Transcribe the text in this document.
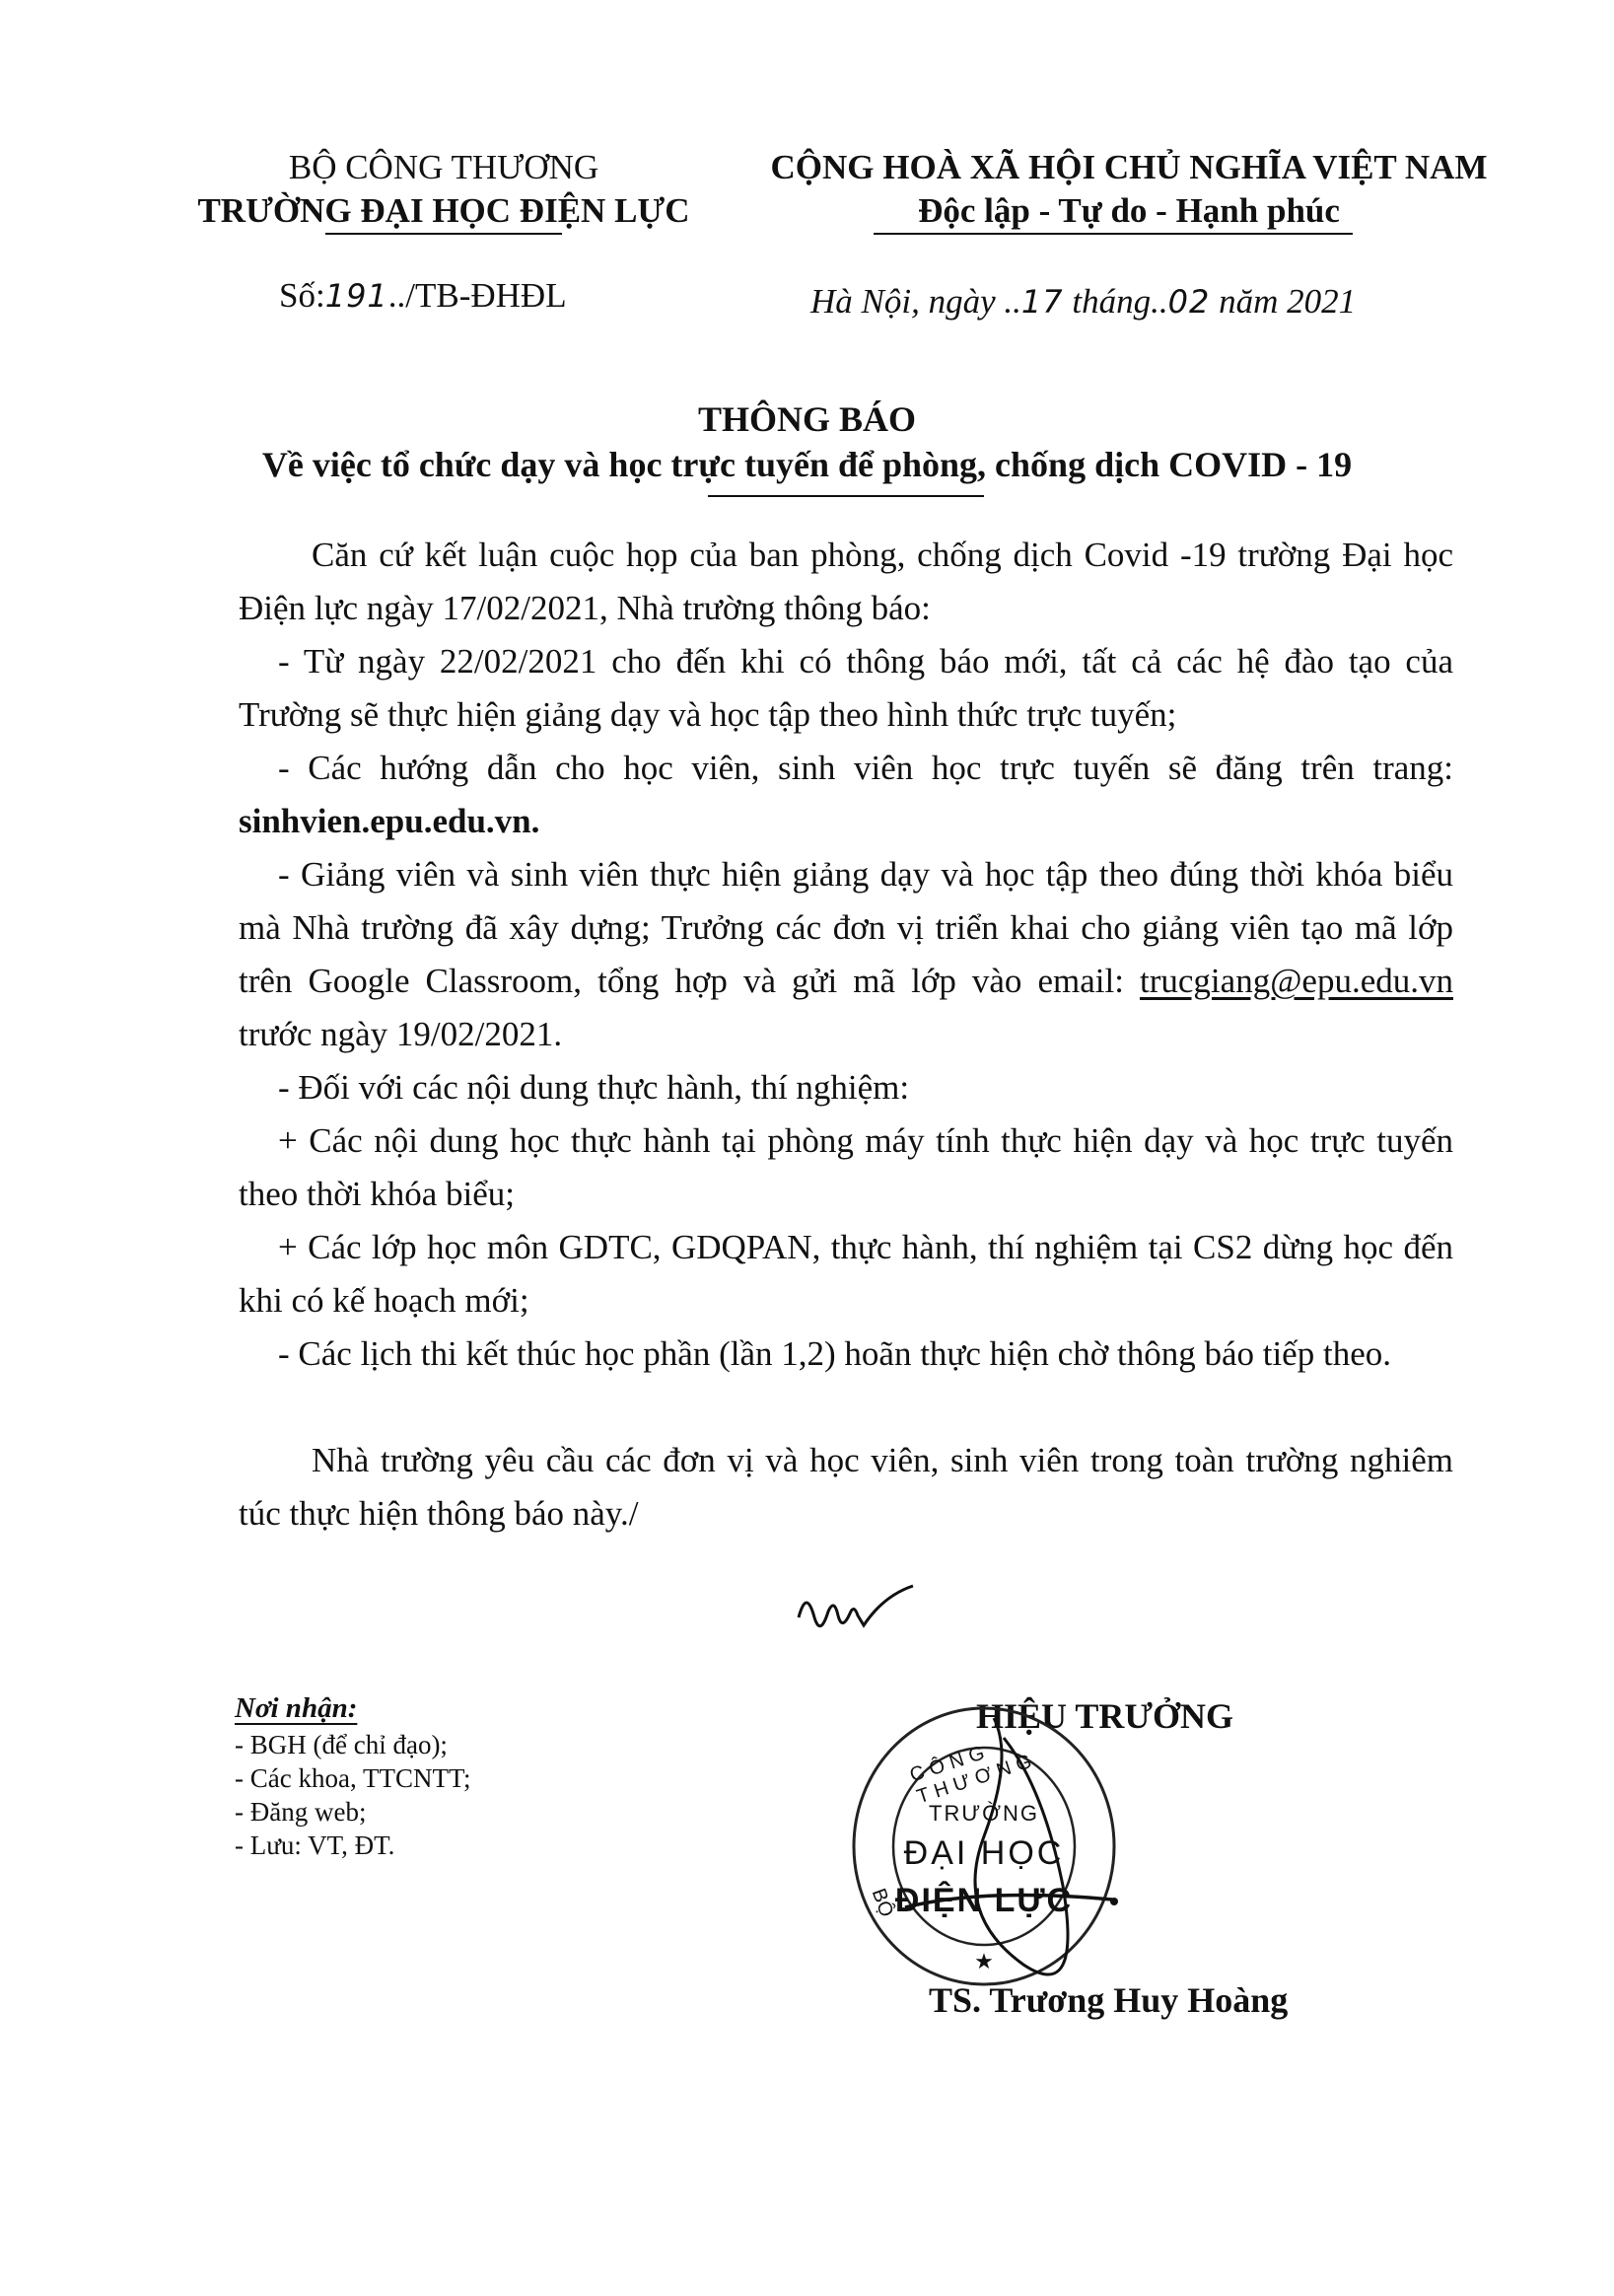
BỘ CÔNG THƯƠNG
TRƯỜNG ĐẠI HỌC ĐIỆN LỰC
Số:191../TB-ĐHĐL
CỘNG HOÀ XÃ HỘI CHỦ NGHĨA VIỆT NAM
Độc lập - Tự do - Hạnh phúc
Hà Nội, ngày ..17 tháng..02 năm 2021
THÔNG BÁO
Về việc tổ chức dạy và học trực tuyến để phòng, chống dịch COVID - 19

Căn cứ kết luận cuộc họp của ban phòng, chống dịch Covid -19 trường Đại học Điện lực ngày 17/02/2021, Nhà trường thông báo:

- Từ ngày 22/02/2021 cho đến khi có thông báo mới, tất cả các hệ đào tạo của Trường sẽ thực hiện giảng dạy và học tập theo hình thức trực tuyến;

- Các hướng dẫn cho học viên, sinh viên học trực tuyến sẽ đăng trên trang: sinhvien.epu.edu.vn.

- Giảng viên và sinh viên thực hiện giảng dạy và học tập theo đúng thời khóa biểu mà Nhà trường đã xây dựng; Trưởng các đơn vị triển khai cho giảng viên tạo mã lớp trên Google Classroom, tổng hợp và gửi mã lớp vào email: trucgiang@epu.edu.vn trước ngày 19/02/2021.

- Đối với các nội dung thực hành, thí nghiệm:

+ Các nội dung học thực hành tại phòng máy tính thực hiện dạy và học trực tuyến theo thời khóa biểu;

+ Các lớp học môn GDTC, GDQPAN, thực hành, thí nghiệm tại CS2 dừng học đến khi có kế hoạch mới;

- Các lịch thi kết thúc học phần (lần 1,2) hoãn thực hiện chờ thông báo tiếp theo.

Nhà trường yêu cầu các đơn vị và học viên, sinh viên trong toàn trường nghiêm túc thực hiện thông báo này./

Nơi nhận:
- BGH (để chỉ đạo);
- Các khoa, TTCNTT;
- Đăng web;
- Lưu: VT, ĐT.
HIỆU TRƯỞNG
CÔNG THƯƠNG
BỘ
TRƯỜNG
ĐẠI HỌC
ĐIỆN LỰC
★
TS. Trương Huy Hoàng
